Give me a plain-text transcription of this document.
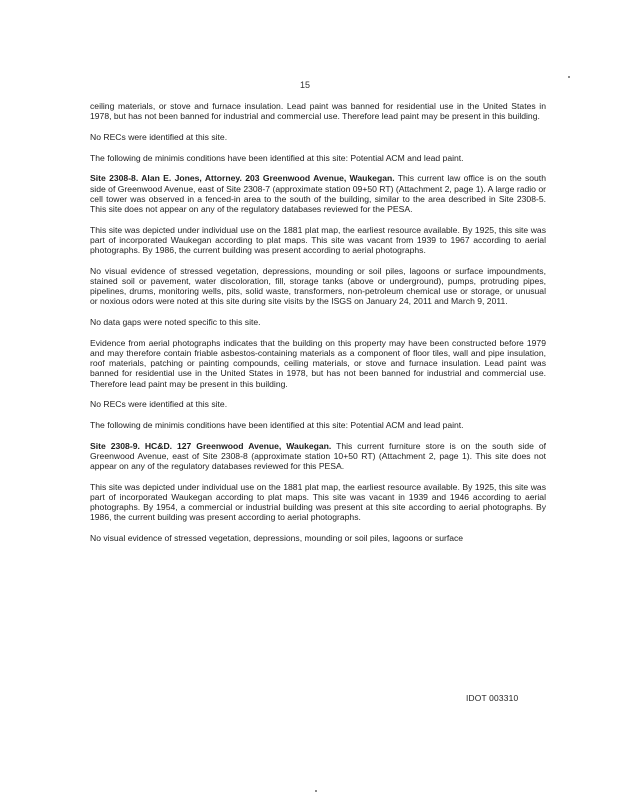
15

ceiling materials, or stove and furnace insulation. Lead paint was banned for residential use in the United States in 1978, but has not been banned for industrial and commercial use. Therefore lead paint may be present in this building.

No RECs were identified at this site.

The following de minimis conditions have been identified at this site: Potential ACM and lead paint.

Site 2308-8. Alan E. Jones, Attorney. 203 Greenwood Avenue, Waukegan. This current law office is on the south side of Greenwood Avenue, east of Site 2308-7 (approximate station 09+50 RT) (Attachment 2, page 1). A large radio or cell tower was observed in a fenced-in area to the south of the building, similar to the area described in Site 2308-5. This site does not appear on any of the regulatory databases reviewed for the PESA.

This site was depicted under individual use on the 1881 plat map, the earliest resource available. By 1925, this site was part of incorporated Waukegan according to plat maps. This site was vacant from 1939 to 1967 according to aerial photographs. By 1986, the current building was present according to aerial photographs.

No visual evidence of stressed vegetation, depressions, mounding or soil piles, lagoons or surface impoundments, stained soil or pavement, water discoloration, fill, storage tanks (above or underground), pumps, protruding pipes, pipelines, drums, monitoring wells, pits, solid waste, transformers, non-petroleum chemical use or storage, or unusual or noxious odors were noted at this site during site visits by the ISGS on January 24, 2011 and March 9, 2011.

No data gaps were noted specific to this site.

Evidence from aerial photographs indicates that the building on this property may have been constructed before 1979 and may therefore contain friable asbestos-containing materials as a component of floor tiles, wall and pipe insulation, roof materials, patching or painting compounds, ceiling materials, or stove and furnace insulation. Lead paint was banned for residential use in the United States in 1978, but has not been banned for industrial and commercial use. Therefore lead paint may be present in this building.

No RECs were identified at this site.

The following de minimis conditions have been identified at this site: Potential ACM and lead paint.

Site 2308-9. HC&D. 127 Greenwood Avenue, Waukegan. This current furniture store is on the south side of Greenwood Avenue, east of Site 2308-8 (approximate station 10+50 RT) (Attachment 2, page 1). This site does not appear on any of the regulatory databases reviewed for this PESA.

This site was depicted under individual use on the 1881 plat map, the earliest resource available. By 1925, this site was part of incorporated Waukegan according to plat maps. This site was vacant in 1939 and 1946 according to aerial photographs. By 1954, a commercial or industrial building was present at this site according to aerial photographs. By 1986, the current building was present according to aerial photographs.

No visual evidence of stressed vegetation, depressions, mounding or soil piles, lagoons or surface

IDOT 003310
